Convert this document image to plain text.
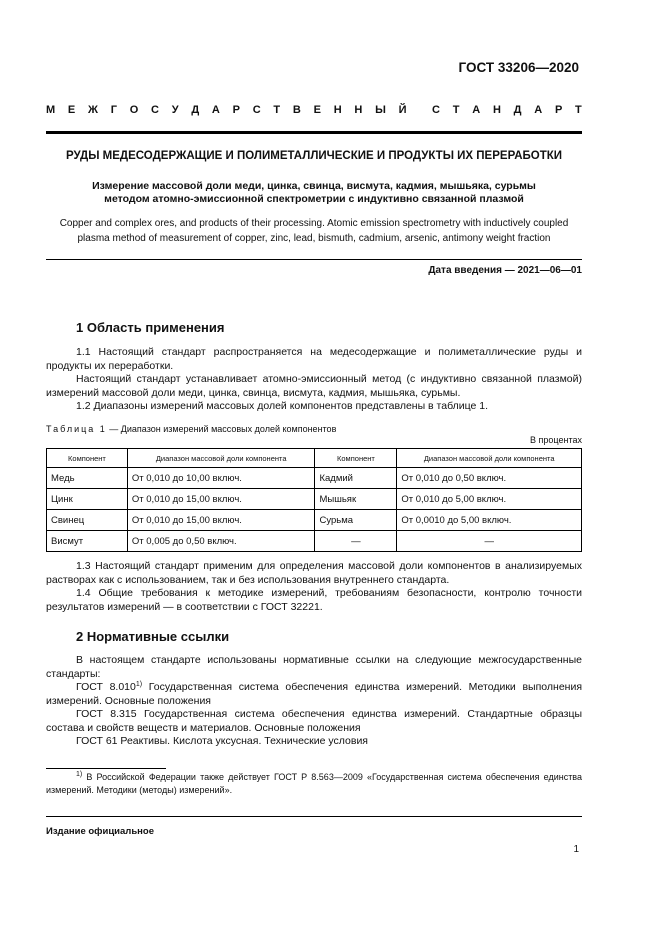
ГОСТ 33206—2020
М Е Ж Г О С У Д А Р С Т В Е Н Н Ы Й С Т А Н Д А Р Т
РУДЫ МЕДЕСОДЕРЖАЩИЕ И ПОЛИМЕТАЛЛИЧЕСКИЕ И ПРОДУКТЫ ИХ ПЕРЕРАБОТКИ
Измерение массовой доли меди, цинка, свинца, висмута, кадмия, мышьяка, сурьмы
методом атомно-эмиссионной спектрометрии с индуктивно связанной плазмой
Copper and complex ores, and products of their processing. Atomic emission spectrometry with inductively coupled
plasma method of measurement of copper, zinc, lead, bismuth, cadmium, arsenic, antimony weight fraction
Дата введения — 2021—06—01
1 Область применения
1.1 Настоящий стандарт распространяется на медесодержащие и полиметаллические руды и продукты их переработки.
Настоящий стандарт устанавливает атомно-эмиссионный метод (с индуктивно связанной плазмой) измерений массовой доли меди, цинка, свинца, висмута, кадмия, мышьяка, сурьмы.
1.2 Диапазоны измерений массовых долей компонентов представлены в таблице 1.
Таблица 1 — Диапазон измерений массовых долей компонентов
В процентах
Компонент	Диапазон массовой доли компонента	Компонент	Диапазон массовой доли компонента
Медь	От 0,010 до 10,00 включ.	Кадмий	От 0,010 до 0,50 включ.
Цинк	От 0,010 до 15,00 включ.	Мышьяк	От 0,010 до 5,00 включ.
Свинец	От 0,010 до 15,00 включ.	Сурьма	От 0,0010 до 5,00 включ.
Висмут	От 0,005 до 0,50 включ.	—	—
1.3 Настоящий стандарт применим для определения массовой доли компонентов в анализируемых растворах как с использованием, так и без использования внутреннего стандарта.
1.4 Общие требования к методике измерений, требованиям безопасности, контролю точности результатов измерений — в соответствии с ГОСТ 32221.
2 Нормативные ссылки
В настоящем стандарте использованы нормативные ссылки на следующие межгосударственные стандарты:
ГОСТ 8.010$^{1)}$ Государственная система обеспечения единства измерений. Методики выполнения измерений. Основные положения
ГОСТ 8.315 Государственная система обеспечения единства измерений. Стандартные образцы состава и свойств веществ и материалов. Основные положения
ГОСТ 61 Реактивы. Кислота уксусная. Технические условия
$^{1)}$ В Российской Федерации также действует ГОСТ Р 8.563—2009 «Государственная система обеспечения единства измерений. Методики (методы) измерений».
Издание официальное
1
